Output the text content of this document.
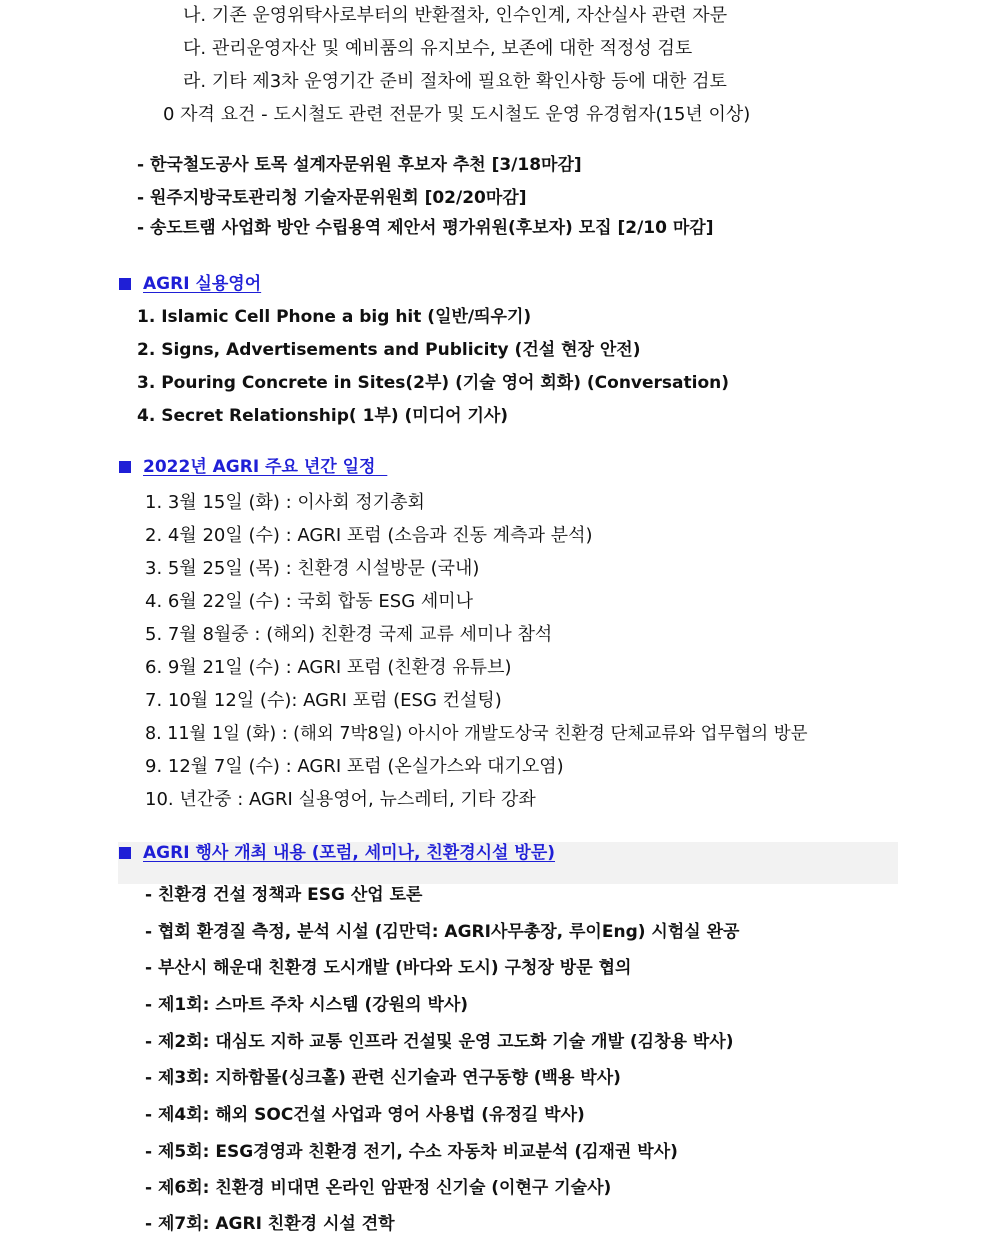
나. 기존 운영위탁사로부터의 반환절차, 인수인계, 자산실사 관련 자문
다. 관리운영자산 및 예비품의 유지보수, 보존에 대한 적정성 검토
라. 기타 제3차 운영기간 준비 절차에 필요한 확인사항 등에 대한 검토
0 자격 요건 - 도시철도 관련 전문가 및 도시철도 운영 유경험자(15년 이상)
- 한국철도공사 토목 설계자문위원 후보자 추천 [3/18마감]
- 원주지방국토관리청 기술자문위원회 [02/20마감]
- 송도트램 사업화 방안 수립용역 제안서 평가위원(후보자) 모집 [2/10 마감]
AGRI 실용영어
1. Islamic Cell Phone a big hit (일반/띄우기)
2. Signs, Advertisements and Publicity (건설 현장 안전)
3. Pouring Concrete in Sites(2부) (기술 영어 회화) (Conversation)
4. Secret Relationship( 1부) (미디어 기사)
2022년 AGRI 주요 년간 일정
1. 3월 15일 (화) : 이사회 정기총회
2. 4월 20일 (수) : AGRI 포럼 (소음과 진동 계측과 분석)
3. 5월 25일 (목) : 친환경 시설방문 (국내)
4. 6월 22일 (수) : 국회 합동 ESG 세미나
5. 7월 8월중 : (해외) 친환경 국제 교류 세미나 참석
6. 9월 21일 (수) : AGRI 포럼 (친환경 유튜브)
7. 10월 12일 (수): AGRI 포럼 (ESG 컨설팅)
8. 11월 1일 (화) : (해외 7박8일) 아시아 개발도상국 친환경 단체교류와 업무협의 방문
9. 12월 7일 (수) : AGRI 포럼 (온실가스와 대기오염)
10. 년간중 : AGRI 실용영어, 뉴스레터, 기타 강좌
AGRI 행사 개최 내용 (포럼, 세미나, 친환경시설 방문)
- 친환경 건설 정책과 ESG 산업 토론
- 협회 환경질 측정, 분석 시설 (김만덕: AGRI사무총장, 루이Eng) 시험실 완공
- 부산시 해운대 친환경 도시개발 (바다와 도시) 구청장 방문 협의
- 제1회: 스마트 주차 시스템 (강원의 박사)
- 제2회: 대심도 지하 교통 인프라 건설및 운영 고도화 기술 개발 (김창용 박사)
- 제3회: 지하함몰(싱크홀) 관련 신기술과 연구동향 (백용 박사)
- 제4회: 해외 SOC건설 사업과 영어 사용법 (유정길 박사)
- 제5회: ESG경영과 친환경 전기, 수소 자동차 비교분석 (김재권 박사)
- 제6회: 친환경 비대면 온라인 암판정 신기술 (이현구 기술사)
- 제7회: AGRI 친환경 시설 견학
